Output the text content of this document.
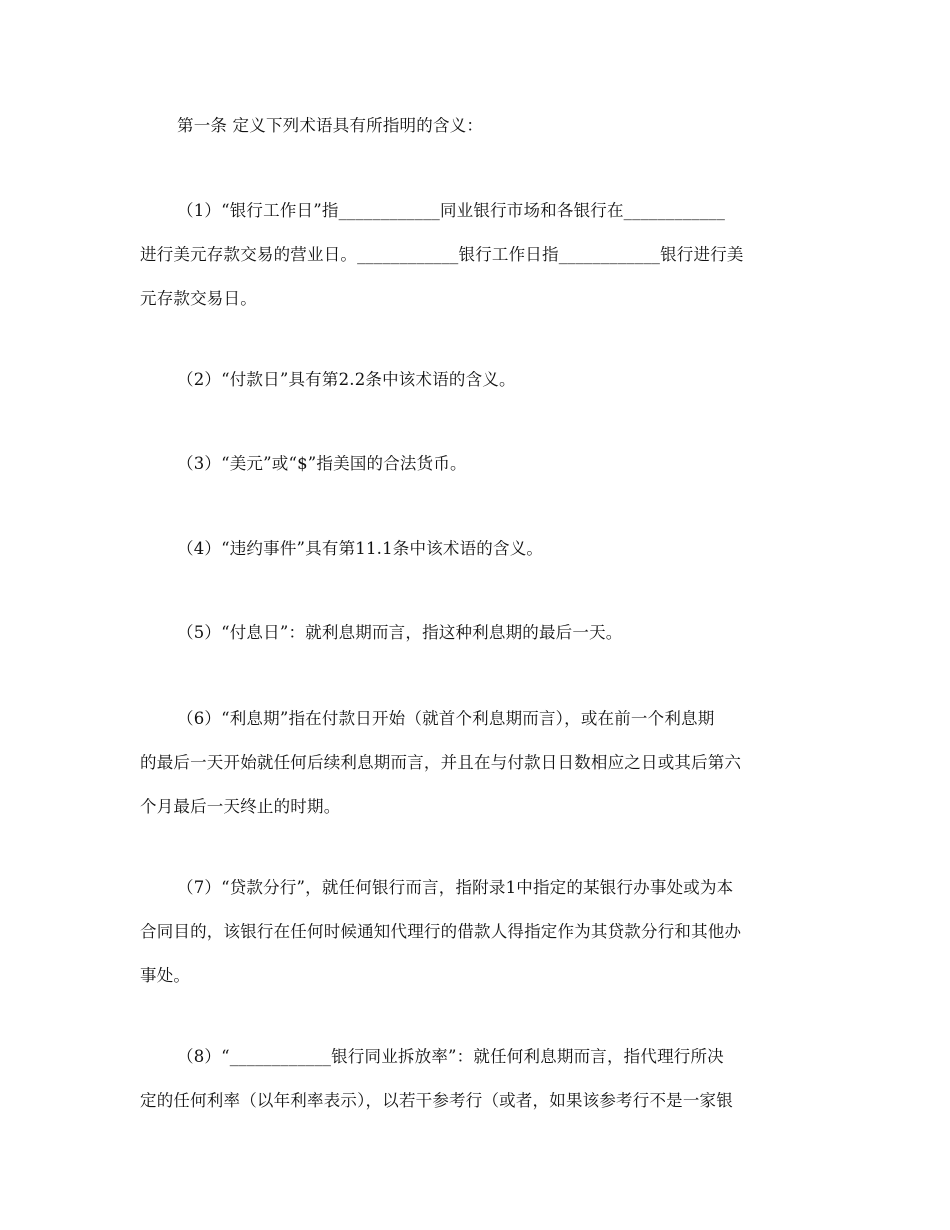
第一条 定义下列术语具有所指明的含义：
（1）“银行工作日”指____________同业银行市场和各银行在____________
进行美元存款交易的营业日。____________银行工作日指____________银行进行美
元存款交易日。
（2）“付款日”具有第2.2条中该术语的含义。
（3）“美元”或“$”指美国的合法货币。
（4）“违约事件”具有第11.1条中该术语的含义。
（5）“付息日”：就利息期而言，指这种利息期的最后一天。
（6）“利息期”指在付款日开始（就首个利息期而言），或在前一个利息期
的最后一天开始就任何后续利息期而言，并且在与付款日日数相应之日或其后第六
个月最后一天终止的时期。
（7）“贷款分行”，就任何银行而言，指附录1中指定的某银行办事处或为本
合同目的，该银行在任何时候通知代理行的借款人得指定作为其贷款分行和其他办
事处。
（8）“____________银行同业拆放率”：就任何利息期而言，指代理行所决
定的任何利率（以年利率表示），以若干参考行（或者，如果该参考行不是一家银
